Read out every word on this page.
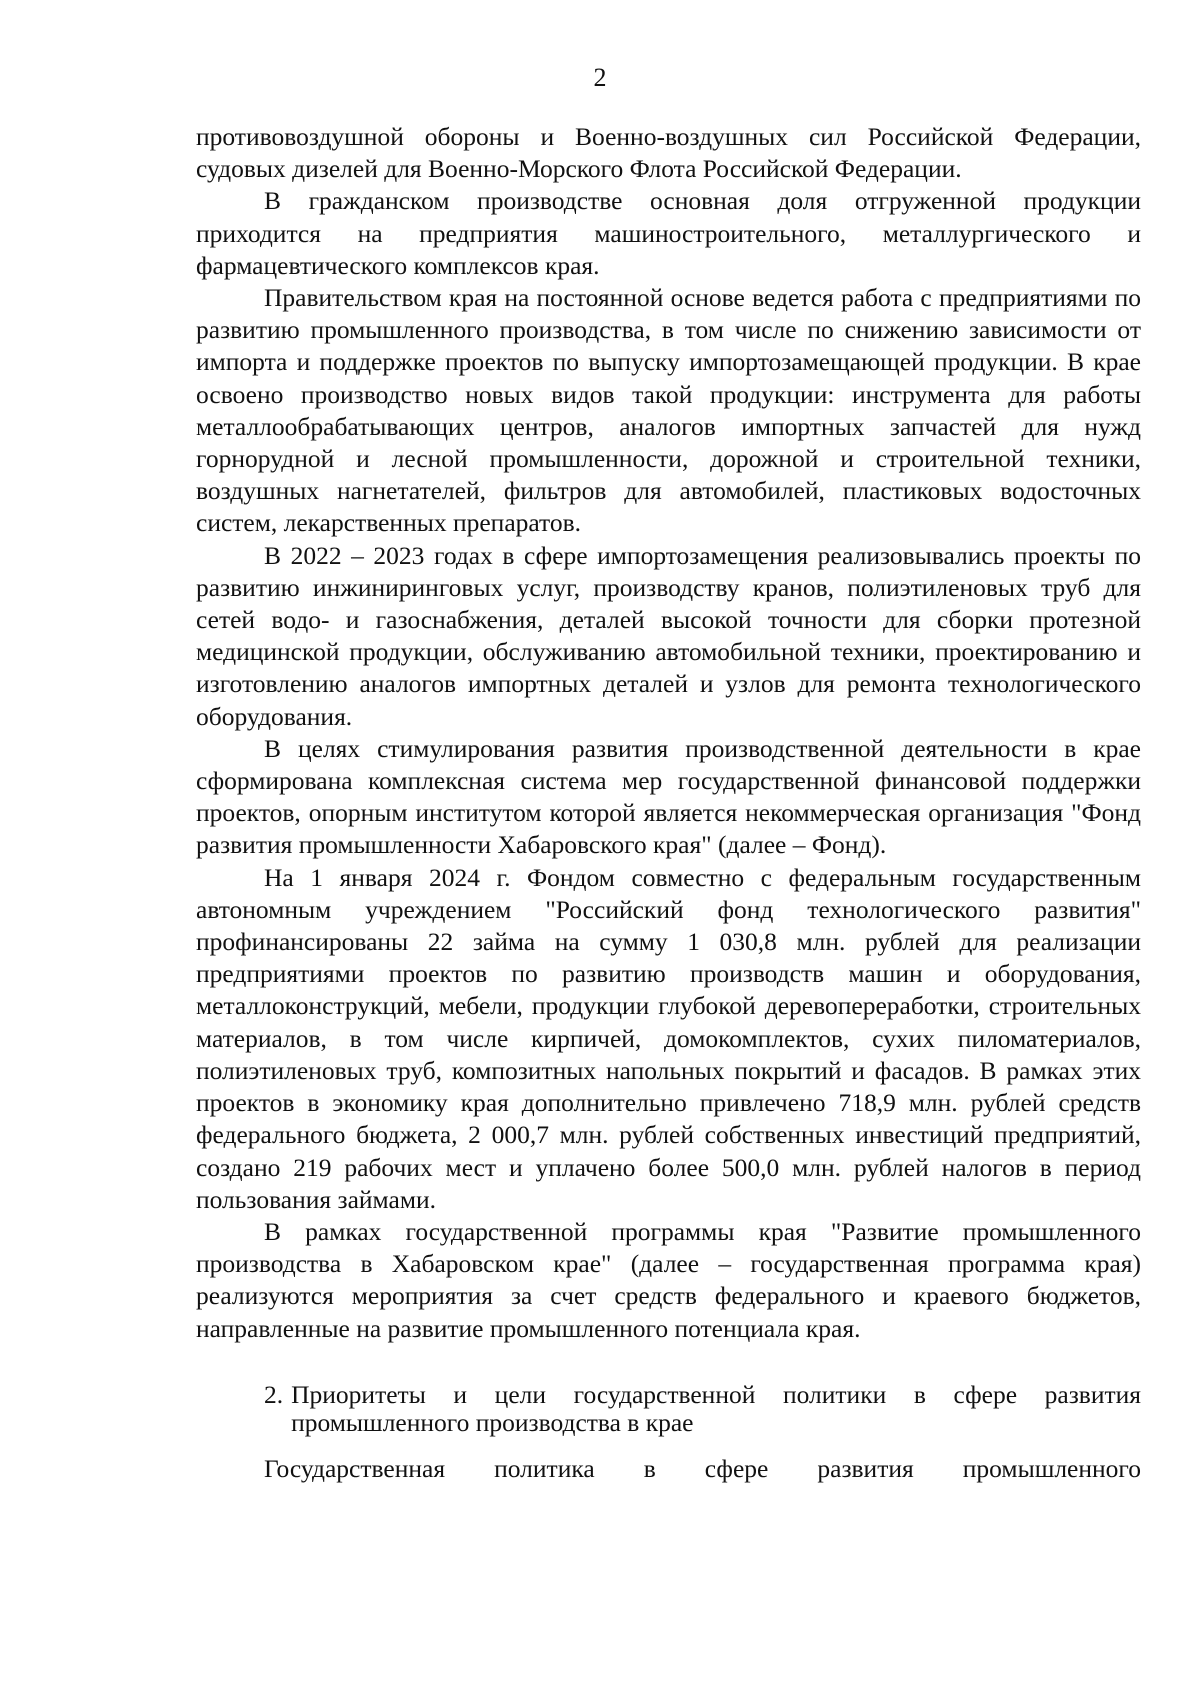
2

противовоздушной обороны и Военно-воздушных сил Российской Федерации, судовых дизелей для Военно-Морского Флота Российской Федерации.

В гражданском производстве основная доля отгруженной продукции приходится на предприятия машиностроительного, металлургического и фармацевтического комплексов края.

Правительством края на постоянной основе ведется работа с предприятиями по развитию промышленного производства, в том числе по снижению зависимости от импорта и поддержке проектов по выпуску импортозамещающей продукции. В крае освоено производство новых видов такой продукции: инструмента для работы металлообрабатывающих центров, аналогов импортных запчастей для нужд горнорудной и лесной промышленности, дорожной и строительной техники, воздушных нагнетателей, фильтров для автомобилей, пластиковых водосточных систем, лекарственных препаратов.

В 2022 – 2023 годах в сфере импортозамещения реализовывались проекты по развитию инжиниринговых услуг, производству кранов, полиэтиленовых труб для сетей водо- и газоснабжения, деталей высокой точности для сборки протезной медицинской продукции, обслуживанию автомобильной техники, проектированию и изготовлению аналогов импортных деталей и узлов для ремонта технологического оборудования.

В целях стимулирования развития производственной деятельности в крае сформирована комплексная система мер государственной финансовой поддержки проектов, опорным институтом которой является некоммерческая организация "Фонд развития промышленности Хабаровского края" (далее – Фонд).

На 1 января 2024 г. Фондом совместно с федеральным государственным автономным учреждением "Российский фонд технологического развития" профинансированы 22 займа на сумму 1 030,8 млн. рублей для реализации предприятиями проектов по развитию производств машин и оборудования, металлоконструкций, мебели, продукции глубокой деревопереработки, строительных материалов, в том числе кирпичей, домокомплектов, сухих пиломатериалов, полиэтиленовых труб, композитных напольных покрытий и фасадов. В рамках этих проектов в экономику края дополнительно привлечено 718,9 млн. рублей средств федерального бюджета, 2 000,7 млн. рублей собственных инвестиций предприятий, создано 219 рабочих мест и уплачено более 500,0 млн. рублей налогов в период пользования займами.

В рамках государственной программы края "Развитие промышленного производства в Хабаровском крае" (далее – государственная программа края) реализуются мероприятия за счет средств федерального и краевого бюджетов, направленные на развитие промышленного потенциала края.

2. Приоритеты и цели государственной политики в сфере развития промышленного производства в крае

Государственная политика в сфере развития промышленного
